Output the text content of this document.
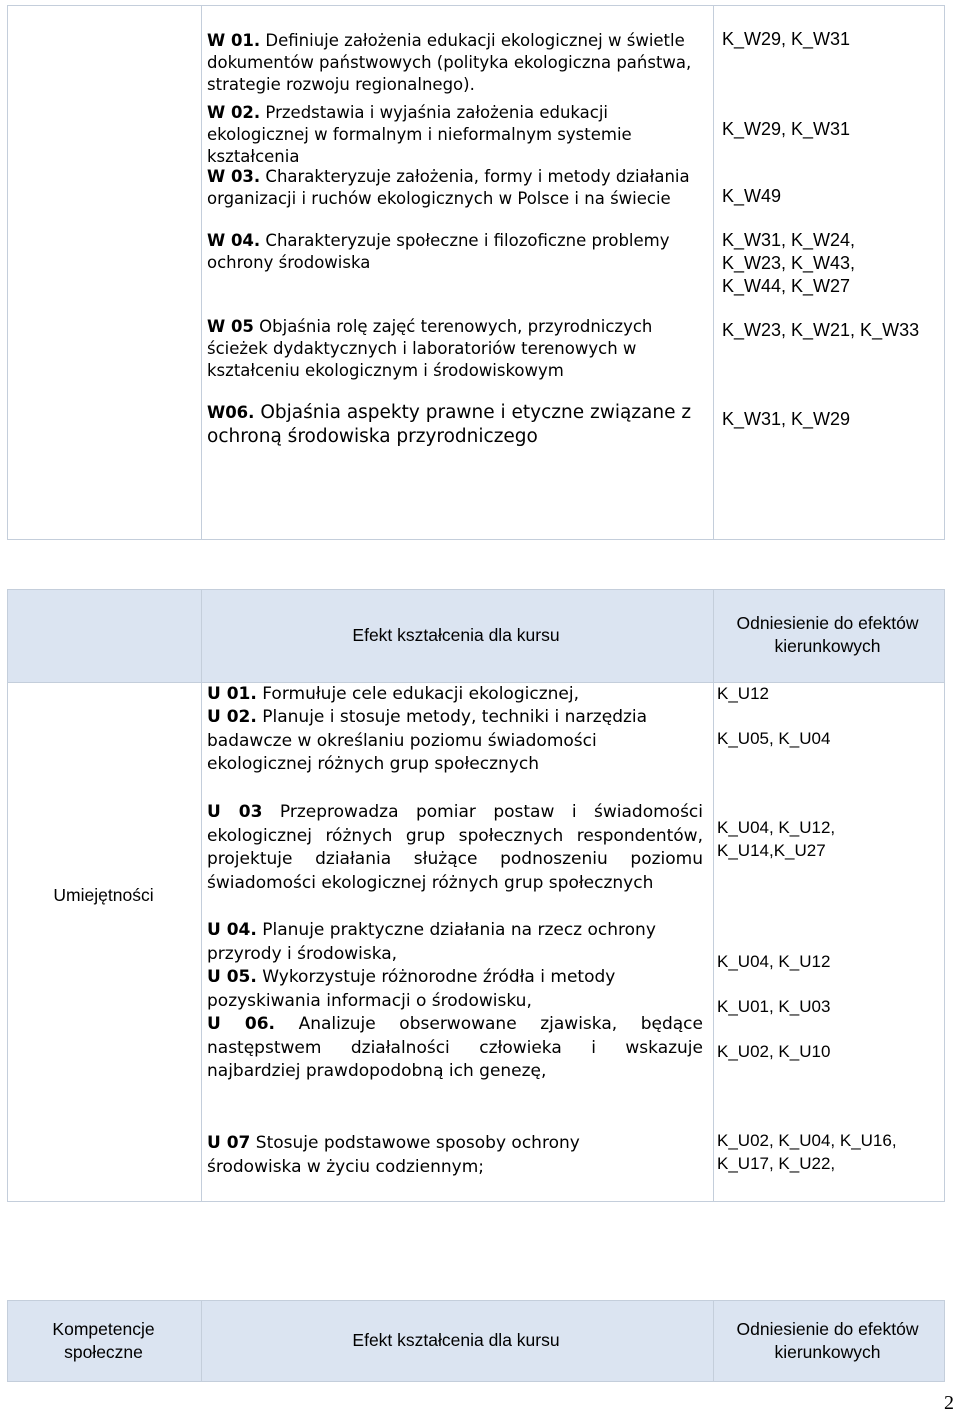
W 01. Definiuje założenia edukacji ekologicznej w świetle dokumentów państwowych (polityka ekologiczna państwa, strategie rozwoju regionalnego).
W 02. Przedstawia i wyjaśnia założenia edukacji ekologicznej w formalnym i nieformalnym systemie kształcenia
W 03. Charakteryzuje założenia, formy i metody działania organizacji i ruchów ekologicznych w Polsce i na świecie
W 04. Charakteryzuje społeczne i filozoficzne problemy ochrony środowiska
W 05 Objaśnia rolę zajęć terenowych, przyrodniczych ścieżek dydaktycznych i laboratoriów terenowych w kształceniu ekologicznym i środowiskowym
W06. Objaśnia aspekty prawne i etyczne związane z ochroną środowiska przyrodniczego
K_W29, K_W31
K_W29, K_W31
K_W49
K_W31, K_W24,
K_W23, K_W43,
K_W44, K_W27
K_W23, K_W21, K_W33
K_W31, K_W29
Efekt kształcenia dla kursu
Odniesienie do efektów
kierunkowych
Umiejętności
U 01. Formułuje cele edukacji ekologicznej,
U 02. Planuje i stosuje metody, techniki i narzędzia badawcze w określaniu poziomu świadomości ekologicznej różnych grup społecznych
U 03 Przeprowadza pomiar postaw i świadomości ekologicznej różnych grup społecznych respondentów, projektuje działania służące podnoszeniu poziomu świadomości ekologicznej różnych grup społecznych
U 04. Planuje praktyczne działania na rzecz ochrony przyrody i środowiska,
U 05. Wykorzystuje różnorodne źródła i metody pozyskiwania informacji o środowisku,
U 06. Analizuje obserwowane zjawiska, będące następstwem działalności człowieka i wskazuje najbardziej prawdopodobną ich genezę,
U 07 Stosuje podstawowe sposoby ochrony środowiska w życiu codziennym;
K_U12
K_U05, K_U04
K_U04, K_U12,
K_U14,K_U27
K_U04, K_U12
K_U01, K_U03
K_U02, K_U10
K_U02, K_U04, K_U16,
K_U17, K_U22,
Kompetencje
społeczne
Efekt kształcenia dla kursu
Odniesienie do efektów
kierunkowych
2
